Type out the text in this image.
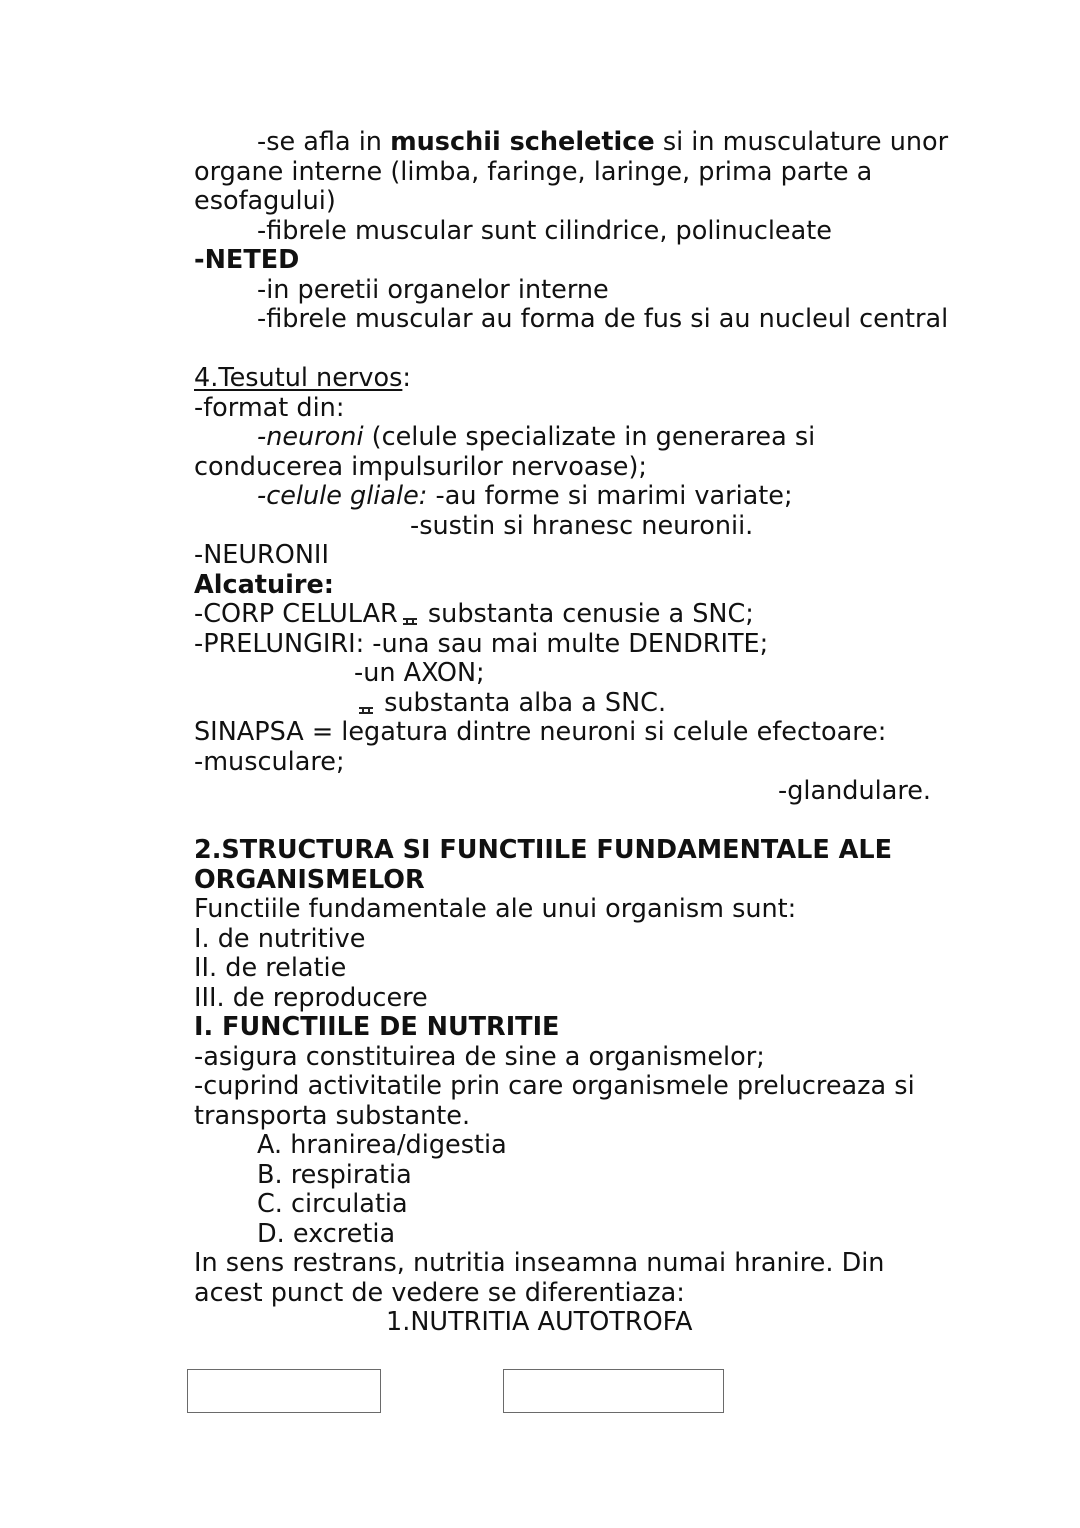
-se afla in muschii scheletice si in musculature unor
organe interne (limba, faringe, laringe, prima parte a
esofagului)
-fibrele muscular sunt cilindrice, polinucleate
-NETED
-in peretii organelor interne
-fibrele muscular au forma de fus si au nucleul central
4.Tesutul nervos:
-format din:
-neuroni (celule specializate in generarea si
conducerea impulsurilor nervoase);
-celule gliale: -au forme si marimi variate;
-sustin si hranesc neuronii.
-NEURONII
Alcatuire:
-CORP CELULAR
substanta cenusie a SNC;
-PRELUNGIRI: -una sau mai multe DENDRITE;
-un AXON;
substanta alba a SNC.
SINAPSA = legatura dintre neuroni si celule efectoare:
-musculare;
-glandulare.
2.STRUCTURA SI FUNCTIILE FUNDAMENTALE ALE
ORGANISMELOR
Functiile fundamentale ale unui organism sunt:
I. de nutritive
II. de relatie
III. de reproducere
I. FUNCTIILE DE NUTRITIE
-asigura constituirea de sine a organismelor;
-cuprind activitatile prin care organismele prelucreaza si
transporta substante.
A. hranirea/digestia
B. respiratia
C. circulatia
D. excretia
In sens restrans, nutritia inseamna numai hranire. Din
acest punct de vedere se diferentiaza:
1.NUTRITIA AUTOTROFA
